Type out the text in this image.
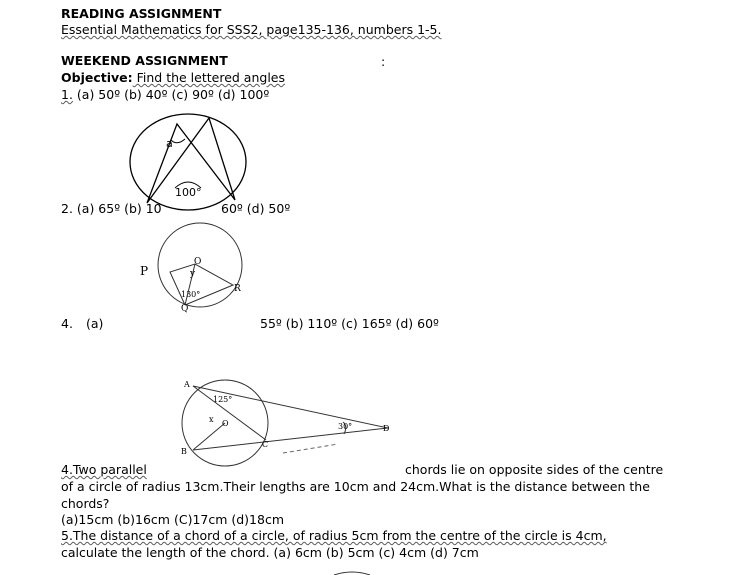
READING ASSIGNMENT
Essential Mathematics for SSS2, page135-136, numbers 1-5.
WEEKEND ASSIGNMENT	:
Objective: Find the lettered angles
1. (a) 50º (b) 40º (c) 90º (d) 100º
a
100°
2. (a) 65º (b) 10	60º (d) 50º
P
O
y
130°
Q
R
4. (a)	55º (b) 110º (c) 165º (d) 60º
A
125°
x O	30°	D
B
C
4.Two parallel	chords lie on opposite sides of the centre
of a circle of radius 13cm.Their lengths are 10cm and 24cm.What is the distance between the
chords?
(a)15cm (b)16cm (C)17cm (d)18cm
5.The distance of a chord of a circle, of radius 5cm from the centre of the circle is 4cm,
calculate the length of the chord. (a) 6cm (b) 5cm (c) 4cm (d) 7cm
